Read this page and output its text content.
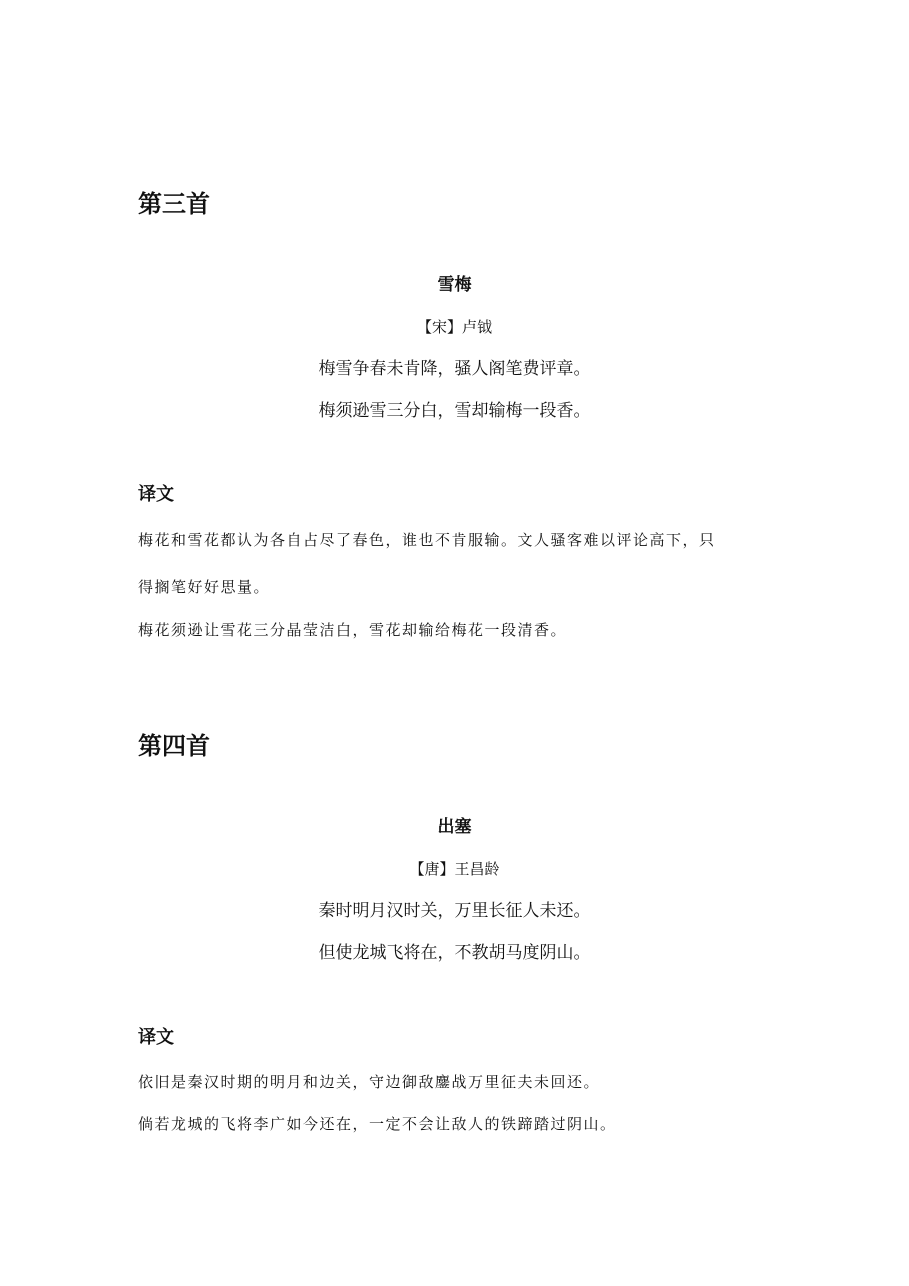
第三首
雪梅
【宋】卢钺
梅雪争春未肯降，骚人阁笔费评章。
梅须逊雪三分白，雪却输梅一段香。
译文
梅花和雪花都认为各自占尽了春色，谁也不肯服输。文人骚客难以评论高下，只
得搁笔好好思量。
梅花须逊让雪花三分晶莹洁白，雪花却输给梅花一段清香。
第四首
出塞
【唐】王昌龄
秦时明月汉时关，万里长征人未还。
但使龙城飞将在，不教胡马度阴山。
译文
依旧是秦汉时期的明月和边关，守边御敌鏖战万里征夫未回还。
倘若龙城的飞将李广如今还在，一定不会让敌人的铁蹄踏过阴山。
